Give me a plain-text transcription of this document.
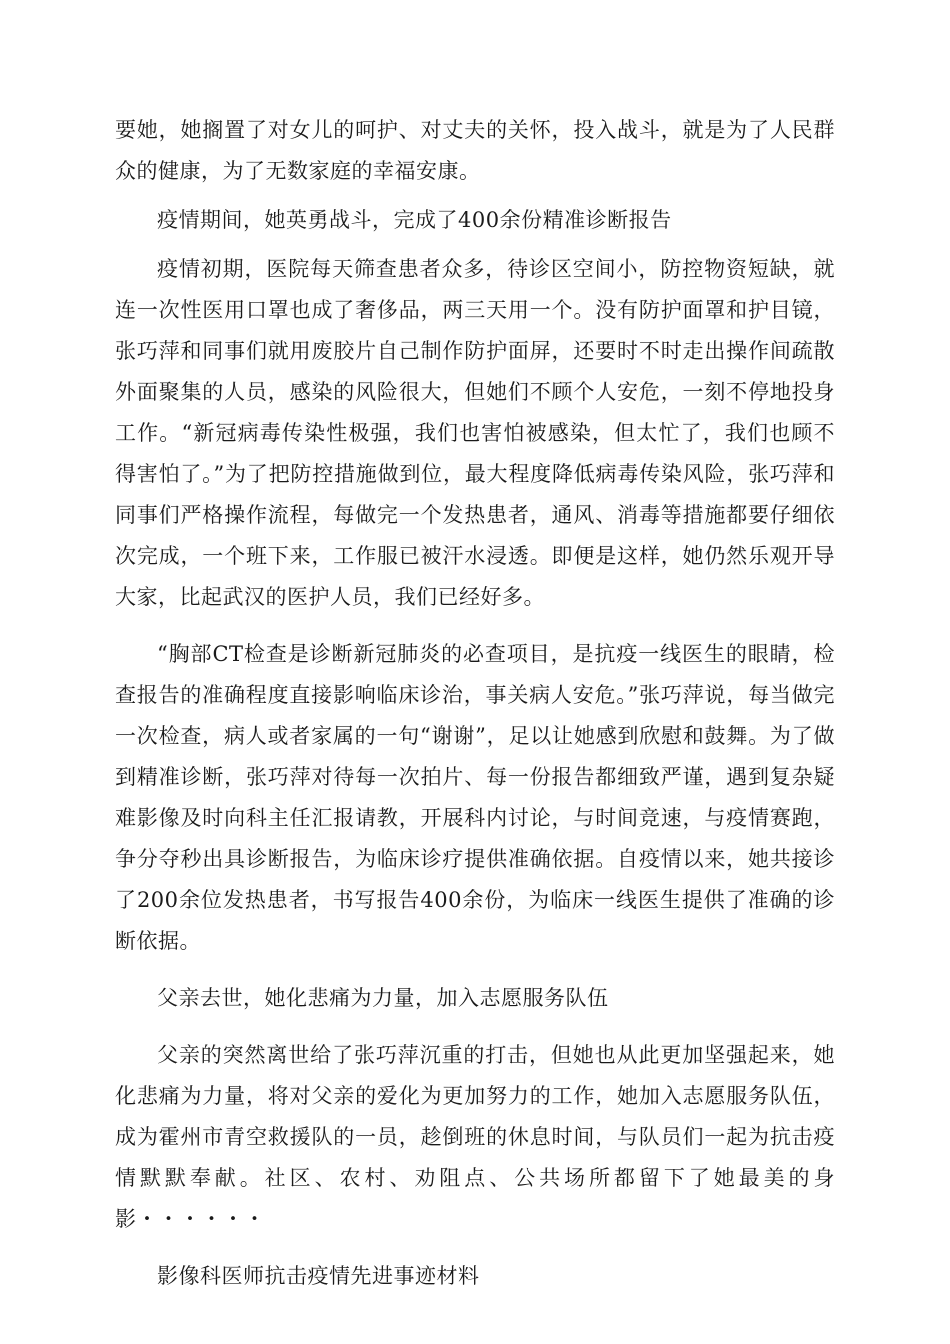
要她，她搁置了对女儿的呵护、对丈夫的关怀，投入战斗，就是为了人民群众的健康，为了无数家庭的幸福安康。

疫情期间，她英勇战斗，完成了400余份精准诊断报告

疫情初期，医院每天筛查患者众多，待诊区空间小，防控物资短缺，就连一次性医用口罩也成了奢侈品，两三天用一个。没有防护面罩和护目镜，张巧萍和同事们就用废胶片自己制作防护面屏，还要时不时走出操作间疏散外面聚集的人员，感染的风险很大，但她们不顾个人安危，一刻不停地投身工作。“新冠病毒传染性极强，我们也害怕被感染，但太忙了，我们也顾不得害怕了。”为了把防控措施做到位，最大程度降低病毒传染风险，张巧萍和同事们严格操作流程，每做完一个发热患者，通风、消毒等措施都要仔细依次完成，一个班下来，工作服已被汗水浸透。即便是这样，她仍然乐观开导大家，比起武汉的医护人员，我们已经好多。

“胸部CT检查是诊断新冠肺炎的必查项目，是抗疫一线医生的眼睛，检查报告的准确程度直接影响临床诊治，事关病人安危。”张巧萍说，每当做完一次检查，病人或者家属的一句“谢谢”，足以让她感到欣慰和鼓舞。为了做到精准诊断，张巧萍对待每一次拍片、每一份报告都细致严谨，遇到复杂疑难影像及时向科主任汇报请教，开展科内讨论，与时间竞速，与疫情赛跑，争分夺秒出具诊断报告，为临床诊疗提供准确依据。自疫情以来，她共接诊了200余位发热患者，书写报告400余份，为临床一线医生提供了准确的诊断依据。

父亲去世，她化悲痛为力量，加入志愿服务队伍

父亲的突然离世给了张巧萍沉重的打击，但她也从此更加坚强起来，她化悲痛为力量，将对父亲的爱化为更加努力的工作，她加入志愿服务队伍，成为霍州市青空救援队的一员，趁倒班的休息时间，与队员们一起为抗击疫情默默奉献。社区、农村、劝阻点、公共场所都留下了她最美的身影・・・・・・

影像科医师抗击疫情先进事迹材料
